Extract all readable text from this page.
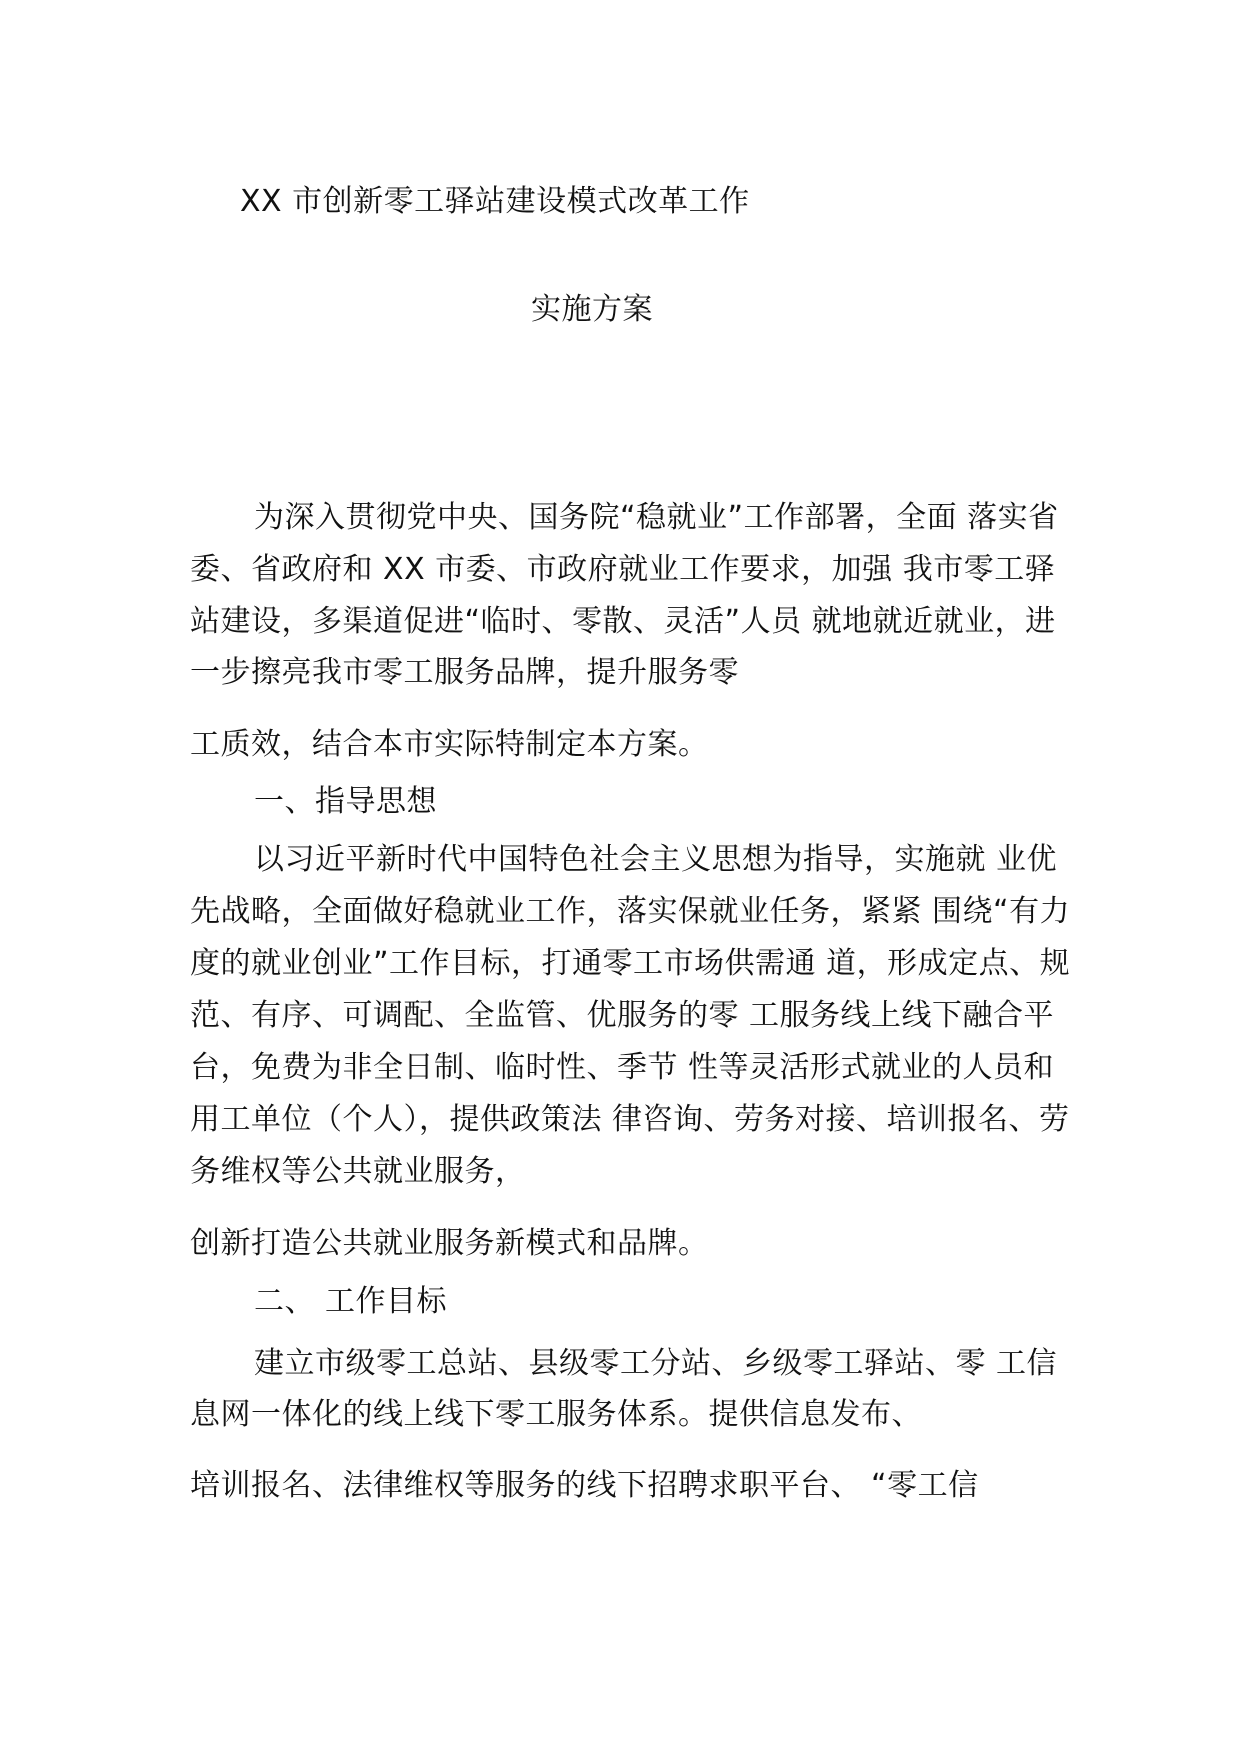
XX 市创新零工驿站建设模式改革工作
实施方案
为深入贯彻党中央、国务院“稳就业”工作部署，全面 落实省
委、省政府和 XX 市委、市政府就业工作要求，加强 我市零工驿
站建设，多渠道促进“临时、零散、灵活”人员 就地就近就业，进
一步擦亮我市零工服务品牌，提升服务零
工质效，结合本市实际特制定本方案。
一、指导思想
以习近平新时代中国特色社会主义思想为指导，实施就 业优
先战略，全面做好稳就业工作，落实保就业任务，紧紧 围绕“有力
度的就业创业”工作目标，打通零工市场供需通 道，形成定点、规
范、有序、可调配、全监管、优服务的零 工服务线上线下融合平
台，免费为非全日制、临时性、季节 性等灵活形式就业的人员和
用工单位（个人），提供政策法 律咨询、劳务对接、培训报名、劳
务维权等公共就业服务，
创新打造公共就业服务新模式和品牌。
二、 工作目标
建立市级零工总站、县级零工分站、乡级零工驿站、零 工信
息网一体化的线上线下零工服务体系。提供信息发布、
培训报名、法律维权等服务的线下招聘求职平台、 “零工信
